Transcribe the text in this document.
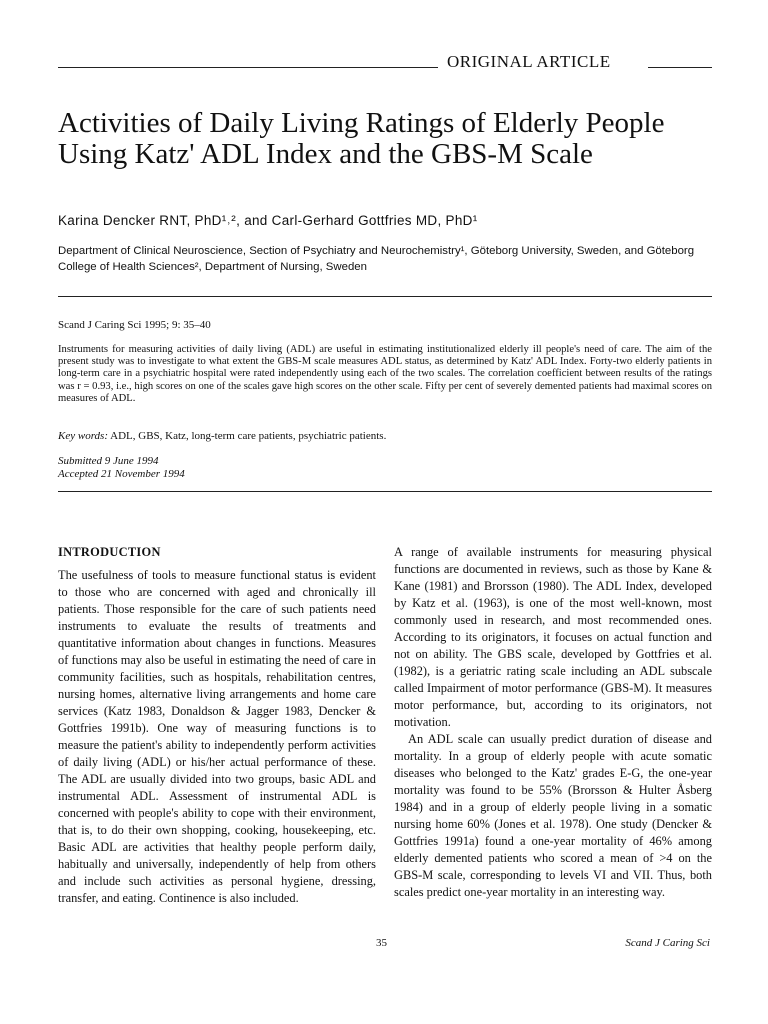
ORIGINAL ARTICLE
Activities of Daily Living Ratings of Elderly People Using Katz' ADL Index and the GBS-M Scale
Karina Dencker RNT, PhD¹˒², and Carl-Gerhard Gottfries MD, PhD¹
Department of Clinical Neuroscience, Section of Psychiatry and Neurochemistry¹, Göteborg University, Sweden, and Göteborg College of Health Sciences², Department of Nursing, Sweden
Scand J Caring Sci 1995; 9: 35–40

Instruments for measuring activities of daily living (ADL) are useful in estimating institutionalized elderly ill people's need of care. The aim of the present study was to investigate to what extent the GBS-M scale measures ADL status, as determined by Katz' ADL Index. Forty-two elderly patients in long-term care in a psychiatric hospital were rated independently using each of the two scales. The correlation coefficient between results of the ratings was r = 0.93, i.e., high scores on one of the scales gave high scores on the other scale. Fifty per cent of severely demented patients had maximal scores on measures of ADL.

Key words: ADL, GBS, Katz, long-term care patients, psychiatric patients.
Submitted 9 June 1994
Accepted 21 November 1994
INTRODUCTION

The usefulness of tools to measure functional status is evident to those who are concerned with aged and chronically ill patients. Those responsible for the care of such patients need instruments to evaluate the results of treatments and quantitative information about changes in functions. Measures of functions may also be useful in estimating the need of care in community facilities, such as hospitals, rehabilitation centres, nursing homes, alternative living arrangements and home care services (Katz 1983, Donaldson & Jagger 1983, Dencker & Gottfries 1991b). One way of measuring functions is to measure the patient's ability to independently perform activities of daily living (ADL) or his/her actual performance of these. The ADL are usually divided into two groups, basic ADL and instrumental ADL. Assessment of instrumental ADL is concerned with people's ability to cope with their environment, that is, to do their own shopping, cooking, housekeeping, etc. Basic ADL are activities that healthy people perform daily, habitually and universally, independently of help from others and include such activities as personal hygiene, dressing, transfer, and eating. Continence is also included.

A range of available instruments for measuring physical functions are documented in reviews, such as those by Kane & Kane (1981) and Brorsson (1980). The ADL Index, developed by Katz et al. (1963), is one of the most well-known, most commonly used in research, and most recommended ones. According to its originators, it focuses on actual function and not on ability. The GBS scale, developed by Gottfries et al. (1982), is a geriatric rating scale including an ADL subscale called Impairment of motor performance (GBS-M). It measures motor performance, but, according to its originators, not motivation.

An ADL scale can usually predict duration of disease and mortality. In a group of elderly people with acute somatic diseases who belonged to the Katz' grades E-G, the one-year mortality was found to be 55% (Brorsson & Hulter Åsberg 1984) and in a group of elderly people living in a somatic nursing home 60% (Jones et al. 1978). One study (Dencker & Gottfries 1991a) found a one-year mortality of 46% among elderly demented patients who scored a mean of >4 on the GBS-M scale, corresponding to levels VI and VII. Thus, both scales predict one-year mortality in an interesting way.

35	Scand J Caring Sci
